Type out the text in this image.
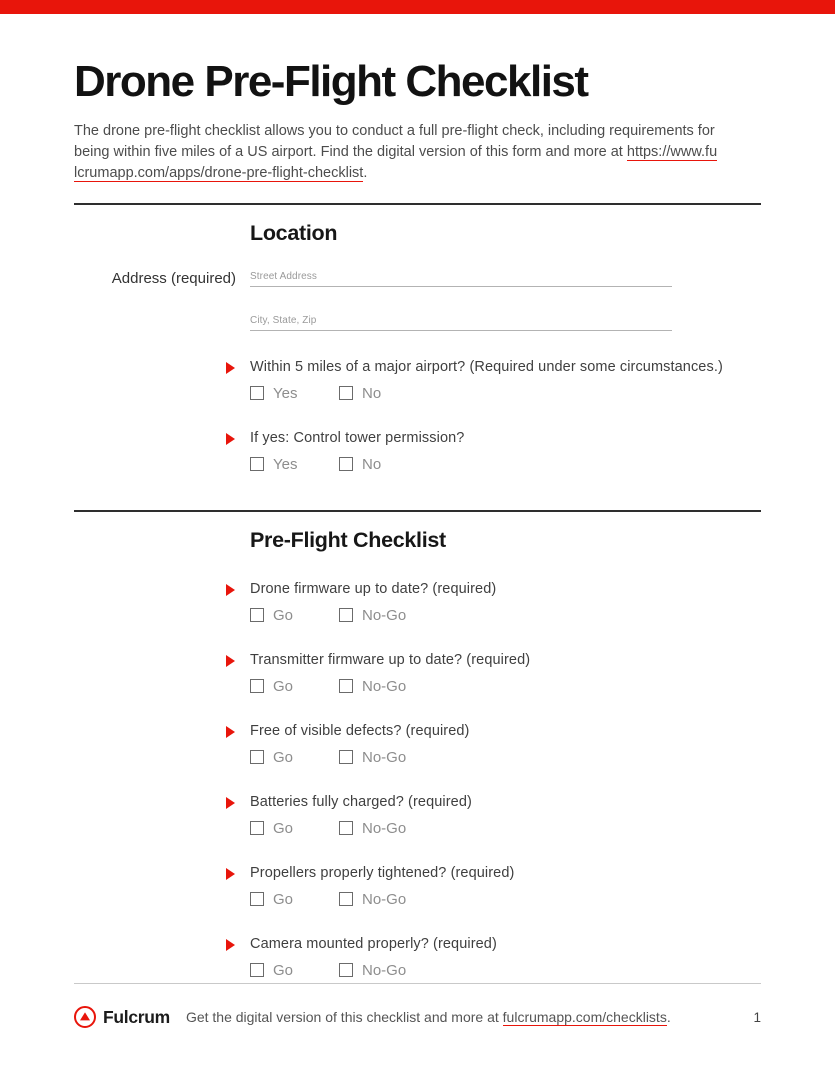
Drone Pre-Flight Checklist

The drone pre-flight checklist allows you to conduct a full pre-flight check, including requirements for being within five miles of a US airport. Find the digital version of this form and more at https://www.fulcrumapp.com/apps/drone-pre-flight-checklist.

Location
Address (required) Street Address
City, State, Zip
Within 5 miles of a major airport? (Required under some circumstances.)
Yes	No
If yes: Control tower permission?
Yes	No
Pre-Flight Checklist
Drone firmware up to date? (required)
Go	No-Go
Transmitter firmware up to date? (required)
Go	No-Go
Free of visible defects? (required)
Go	No-Go
Batteries fully charged? (required)
Go	No-Go
Propellers properly tightened? (required)
Go	No-Go
Camera mounted properly? (required)
Go	No-Go
Fulcrum Get the digital version of this checklist and more at fulcrumapp.com/checklists.	1
